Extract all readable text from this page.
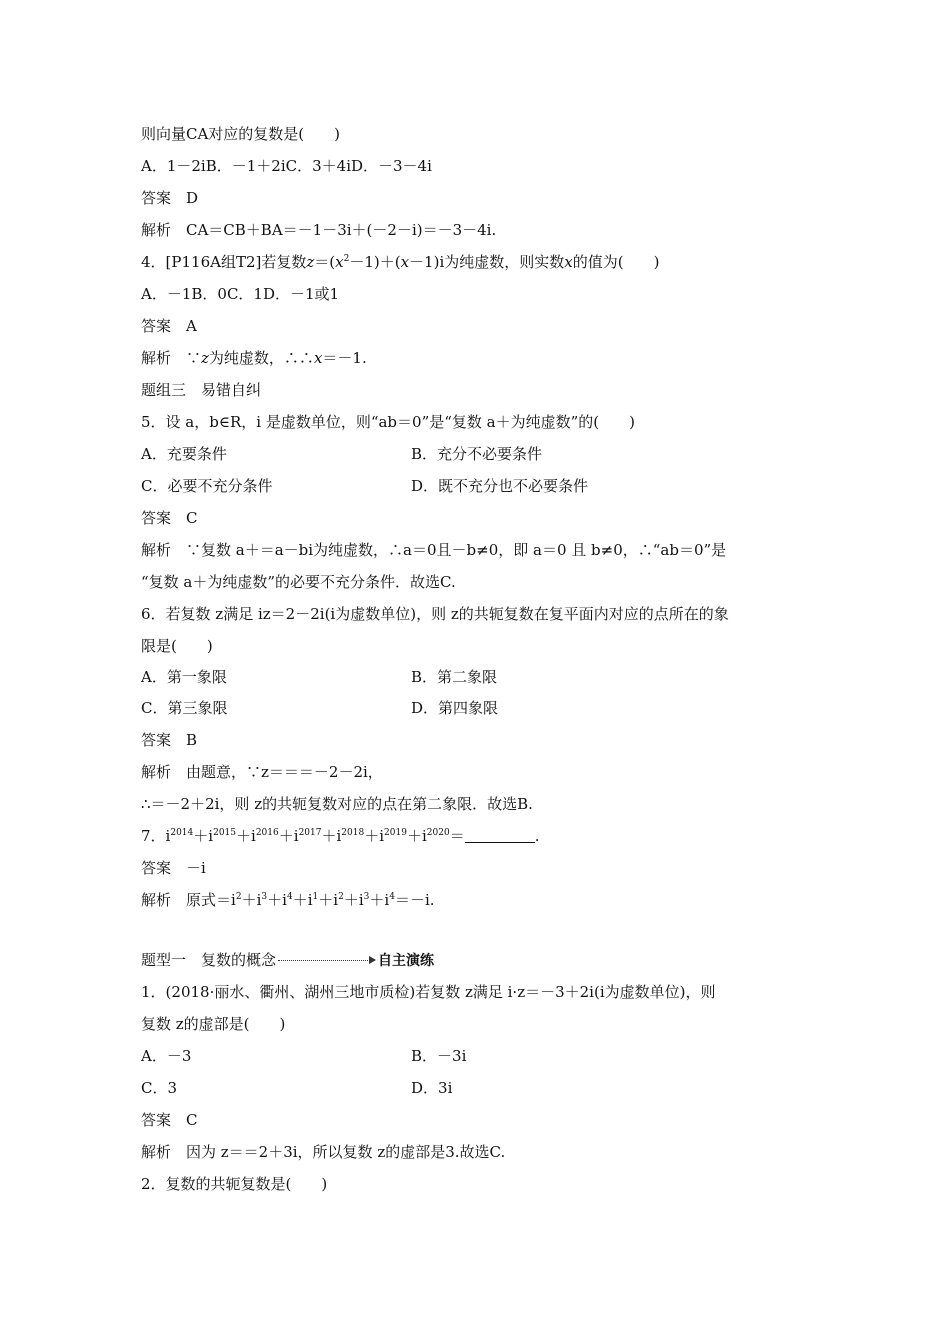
则向量CA对应的复数是(　　)
A．1－2iB．－1＋2iC．3＋4iD．－3－4i
答案　D
解析　CA＝CB＋BA＝－1－3i＋(－2－i)＝－3－4i.
4．[P116A组T2]若复数$z=(x^2-1)+(x-1)i$为纯虚数，则实数x的值为(　　)
A．－1B．0C．1D．－1或1
答案　A
解析　∵z为纯虚数，∴∴x＝－1.
题组三　易错自纠
5．设 a，b∈R，i 是虚数单位，则“ab＝0”是“复数 a＋为纯虚数”的(　　)
A．充要条件	B．充分不必要条件
C．必要不充分条件	D．既不充分也不必要条件
答案　C
解析　∵复数 a＋＝a－bi为纯虚数，∴a＝0且－b≠0，即 a＝0 且 b≠0，∴“ab＝0”是
“复数 a＋为纯虚数”的必要不充分条件．故选C.
6．若复数 z满足 iz＝2－2i(i为虚数单位)，则 z的共轭复数在复平面内对应的点所在的象
限是(　　)
A．第一象限	B．第二象限
C．第三象限	D．第四象限
答案　B
解析　由题意，∵z＝＝＝－2－2i，
∴＝－2＋2i，则 z的共轭复数对应的点在第二象限．故选B.
7．$i^{2014}+i^{2015}+i^{2016}+i^{2017}+i^{2018}+i^{2019}+i^{2020}=$	.
答案　－i
解析　原式$=i^2+i^3+i^4+i^1+i^2+i^3+i^4=-i$.
题型一　复数的概念	自主演练
1．(2018·丽水、衢州、湖州三地市质检)若复数 z满足 i·z＝－3＋2i(i为虚数单位)，则
复数 z的虚部是(　　)
A．－3	B．－3i
C．3	D．3i
答案　C
解析　因为 z＝＝2＋3i，所以复数 z的虚部是3.故选C.
2．复数的共轭复数是(　　)
